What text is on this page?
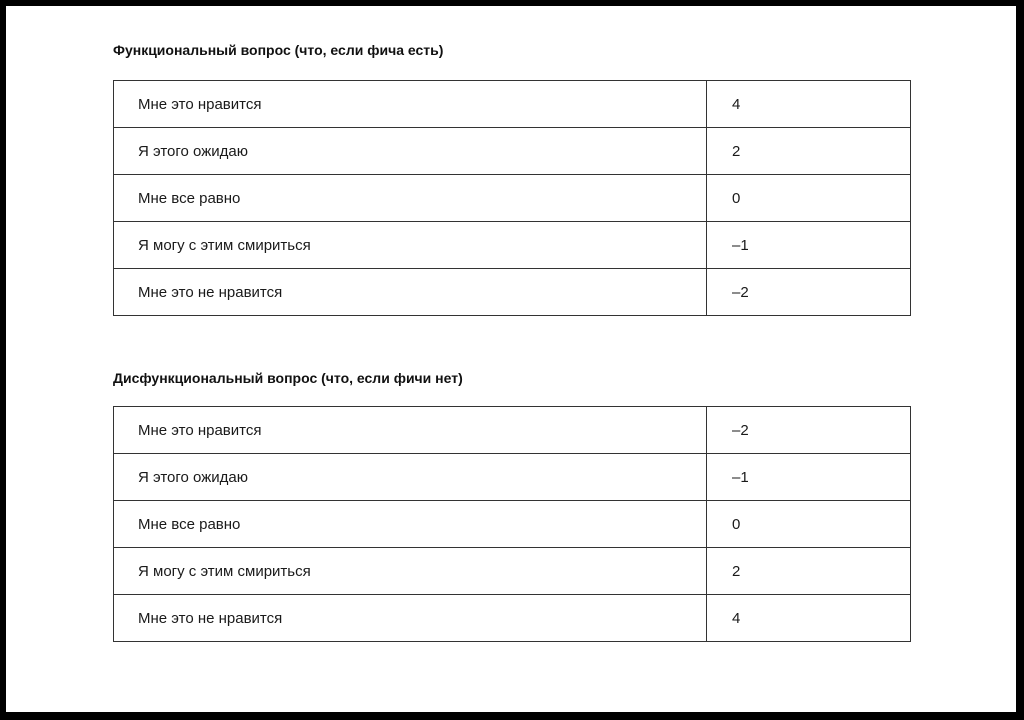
Функциональный вопрос (что, если фича есть)
Мне это нравится	4
Я этого ожидаю	2
Мне все равно	0
Я могу с этим смириться	–1
Мне это не нравится	–2
Дисфункциональный вопрос (что, если фичи нет)
Мне это нравится	–2
Я этого ожидаю	–1
Мне все равно	0
Я могу с этим смириться	2
Мне это не нравится	4
